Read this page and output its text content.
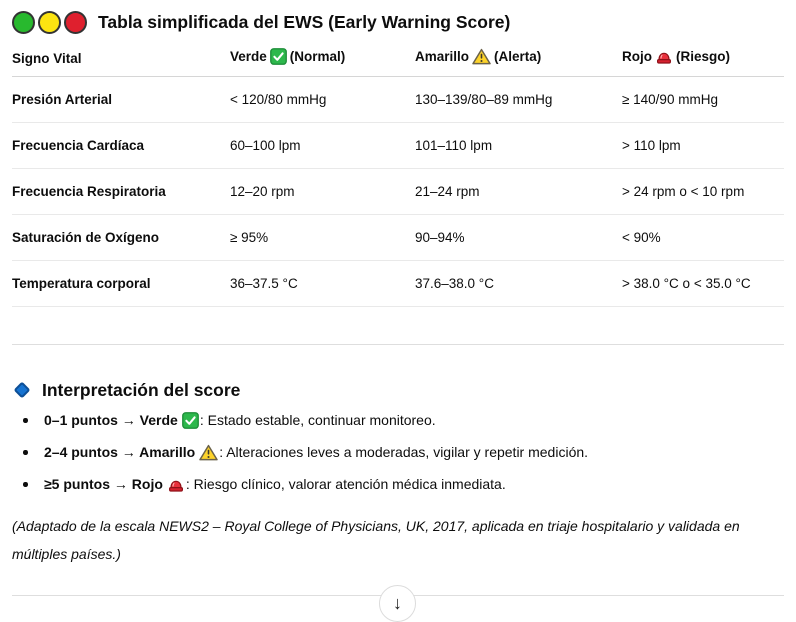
Tabla simplificada del EWS (Early Warning Score)
Signo Vital	Verde (Normal)	Amarillo (Alerta)	Rojo (Riesgo)
Presión Arterial	< 120/80 mmHg	130–139/80–89 mmHg	≥ 140/90 mmHg
Frecuencia Cardíaca	60–100 lpm	101–110 lpm	> 110 lpm
Frecuencia Respiratoria	12–20 rpm	21–24 rpm	> 24 rpm o < 10 rpm
Saturación de Oxígeno	≥ 95%	90–94%	< 90%
Temperatura corporal	36–37.5 °C	37.6–38.0 °C	> 38.0 °C o < 35.0 °C
Interpretación del score
0–1 puntos → Verde : Estado estable, continuar monitoreo.
2–4 puntos → Amarillo : Alteraciones leves a moderadas, vigilar y repetir medición.
≥5 puntos → Rojo : Riesgo clínico, valorar atención médica inmediata.

(Adaptado de la escala NEWS2 – Royal College of Physicians, UK, 2017, aplicada en triaje hospitalario y validada en múltiples países.)

↓
